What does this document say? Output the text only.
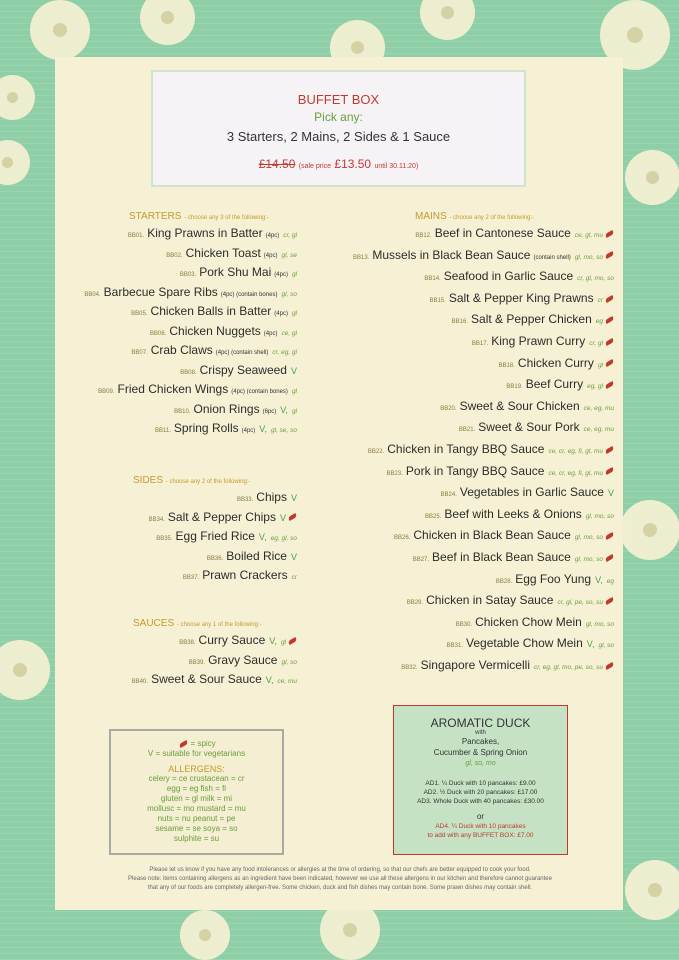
BUFFET BOX
Pick any:
3 Starters, 2 Mains, 2 Sides & 1 Sauce
£14.50 (sale price £13.50 until 30.11.20)
STARTERS - choose any 3 of the following:-
BB01. King Prawns in Batter (4pc) cr, gl
BB02. Chicken Toast (4pc) gl, se
BB03. Pork Shu Mai (4pc) gl
BB04. Barbecue Spare Ribs (4pc) (contain bones) gl, so
BB05. Chicken Balls in Batter (4pc) gl
BB06. Chicken Nuggets (4pc) ce, gl
BB07. Crab Claws (4pc) (contain shell) cr, eg, gl
BB08. Crispy Seaweed V
BB09. Fried Chicken Wings (4pc) (contain bones) gl
BB10. Onion Rings (6pc) V, gl
BB11. Spring Rolls (4pc) V, gl, se, so
SIDES - choose any 2 of the following:-
BB33. Chips V
BB34. Salt & Pepper Chips V
BB35. Egg Fried Rice V, eg, gl, so
BB36. Boiled Rice V
BB37. Prawn Crackers cr
SAUCES - choose any 1 of the following:-
BB38. Curry Sauce V, gl
BB39. Gravy Sauce gl, so
BB40. Sweet & Sour Sauce V, ce, mu
MAINS - choose any 2 of the following:-
BB12. Beef in Cantonese Sauce ce, gl, mu
BB13. Mussels in Black Bean Sauce (contain shell) gl, mo, so
BB14. Seafood in Garlic Sauce cr, gl, mo, so
BB15. Salt & Pepper King Prawns cr
BB16. Salt & Pepper Chicken eg
BB17. King Prawn Curry cr, gl
BB18. Chicken Curry gl
BB19. Beef Curry eg, gl
BB20. Sweet & Sour Chicken ce, eg, mu
BB21. Sweet & Sour Pork ce, eg, mu
BB22. Chicken in Tangy BBQ Sauce ce, cr, eg, fi, gl, mu
BB23. Pork in Tangy BBQ Sauce ce, cr, eg, fi, gl, mu
BB24. Vegetables in Garlic Sauce V
BB25. Beef with Leeks & Onions gl, mo, so
BB26. Chicken in Black Bean Sauce gl, mo, so
BB27. Beef in Black Bean Sauce gl, mo, so
BB28. Egg Foo Yung V, eg
BB29. Chicken in Satay Sauce cr, gl, pe, so, su
BB30. Chicken Chow Mein gl, mo, so
BB31. Vegetable Chow Mein V, gl, so
BB32. Singapore Vermicelli cr, eg, gl, mo, pe, so, su
= spicy
V = suitable for vegetarians
ALLERGENS:
celery = ce crustacean = cr
egg = eg fish = fi
gluten = gl milk = mi
mollusc = mo mustard = mu
nuts = nu peanut = pe
sesame = se soya = so
sulphite = su
AROMATIC DUCK
with
Pancakes,
Cucumber & Spring Onion
gl, so, mo
AD1. ¼ Duck with 10 pancakes: £9.00
AD2. ½ Duck with 20 pancakes: £17.00
AD3. Whole Duck with 40 pancakes: £30.00
or
AD4. ¼ Duck with 10 pancakes
to add with any BUFFET BOX: £7.00
Please let us know if you have any food intolerances or allergies at the time of ordering, so that our chefs are better equipped to cook your food.
Please note: items containing allergens as an ingredient have been indicated, however we use all these allergens in our kitchen and therefore cannot guarantee
that any of our foods are completely allergen-free. Some chicken, duck and fish dishes may contain bone. Some prawn dishes may contain shell.
